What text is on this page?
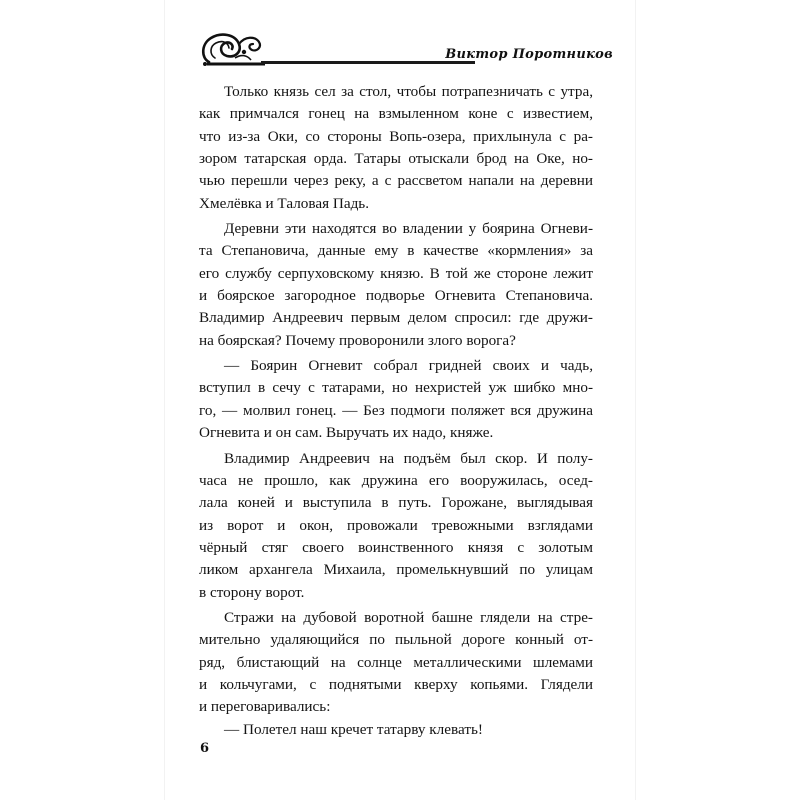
Виктор Поротников
Только князь сел за стол, чтобы потрапезничать с утра,
как примчался гонец на взмыленном коне с известием,
что из-за Оки, со стороны Вопь-озера, прихлынула с ра-
зором татарская орда. Татары отыскали брод на Оке, но-
чью перешли через реку, а с рассветом напали на деревни
Хмелёвка и Таловая Падь.
Деревни эти находятся во владении у боярина Огневи-
та Степановича, данные ему в качестве «кормления» за
его службу серпуховскому князю. В той же стороне лежит
и боярское загородное подворье Огневита Степановича.
Владимир Андреевич первым делом спросил: где дружи-
на боярская? Почему проворонили злого ворога?
— Боярин Огневит собрал гридней своих и чадь,
вступил в сечу с татарами, но нехристей уж шибко мно-
го, — молвил гонец. — Без подмоги поляжет вся дружина
Огневита и он сам. Выручать их надо, княже.
Владимир Андреевич на подъём был скор. И полу-
часа не прошло, как дружина его вооружилась, осед-
лала коней и выступила в путь. Горожане, выглядывая
из ворот и окон, провожали тревожными взглядами
чёрный стяг своего воинственного князя с золотым
ликом архангела Михаила, промелькнувший по улицам
в сторону ворот.
Стражи на дубовой воротной башне глядели на стре-
мительно удаляющийся по пыльной дороге конный от-
ряд, блистающий на солнце металлическими шлемами
и кольчугами, с поднятыми кверху копьями. Глядели
и переговаривались:
— Полетел наш кречет татарву клевать!
6
